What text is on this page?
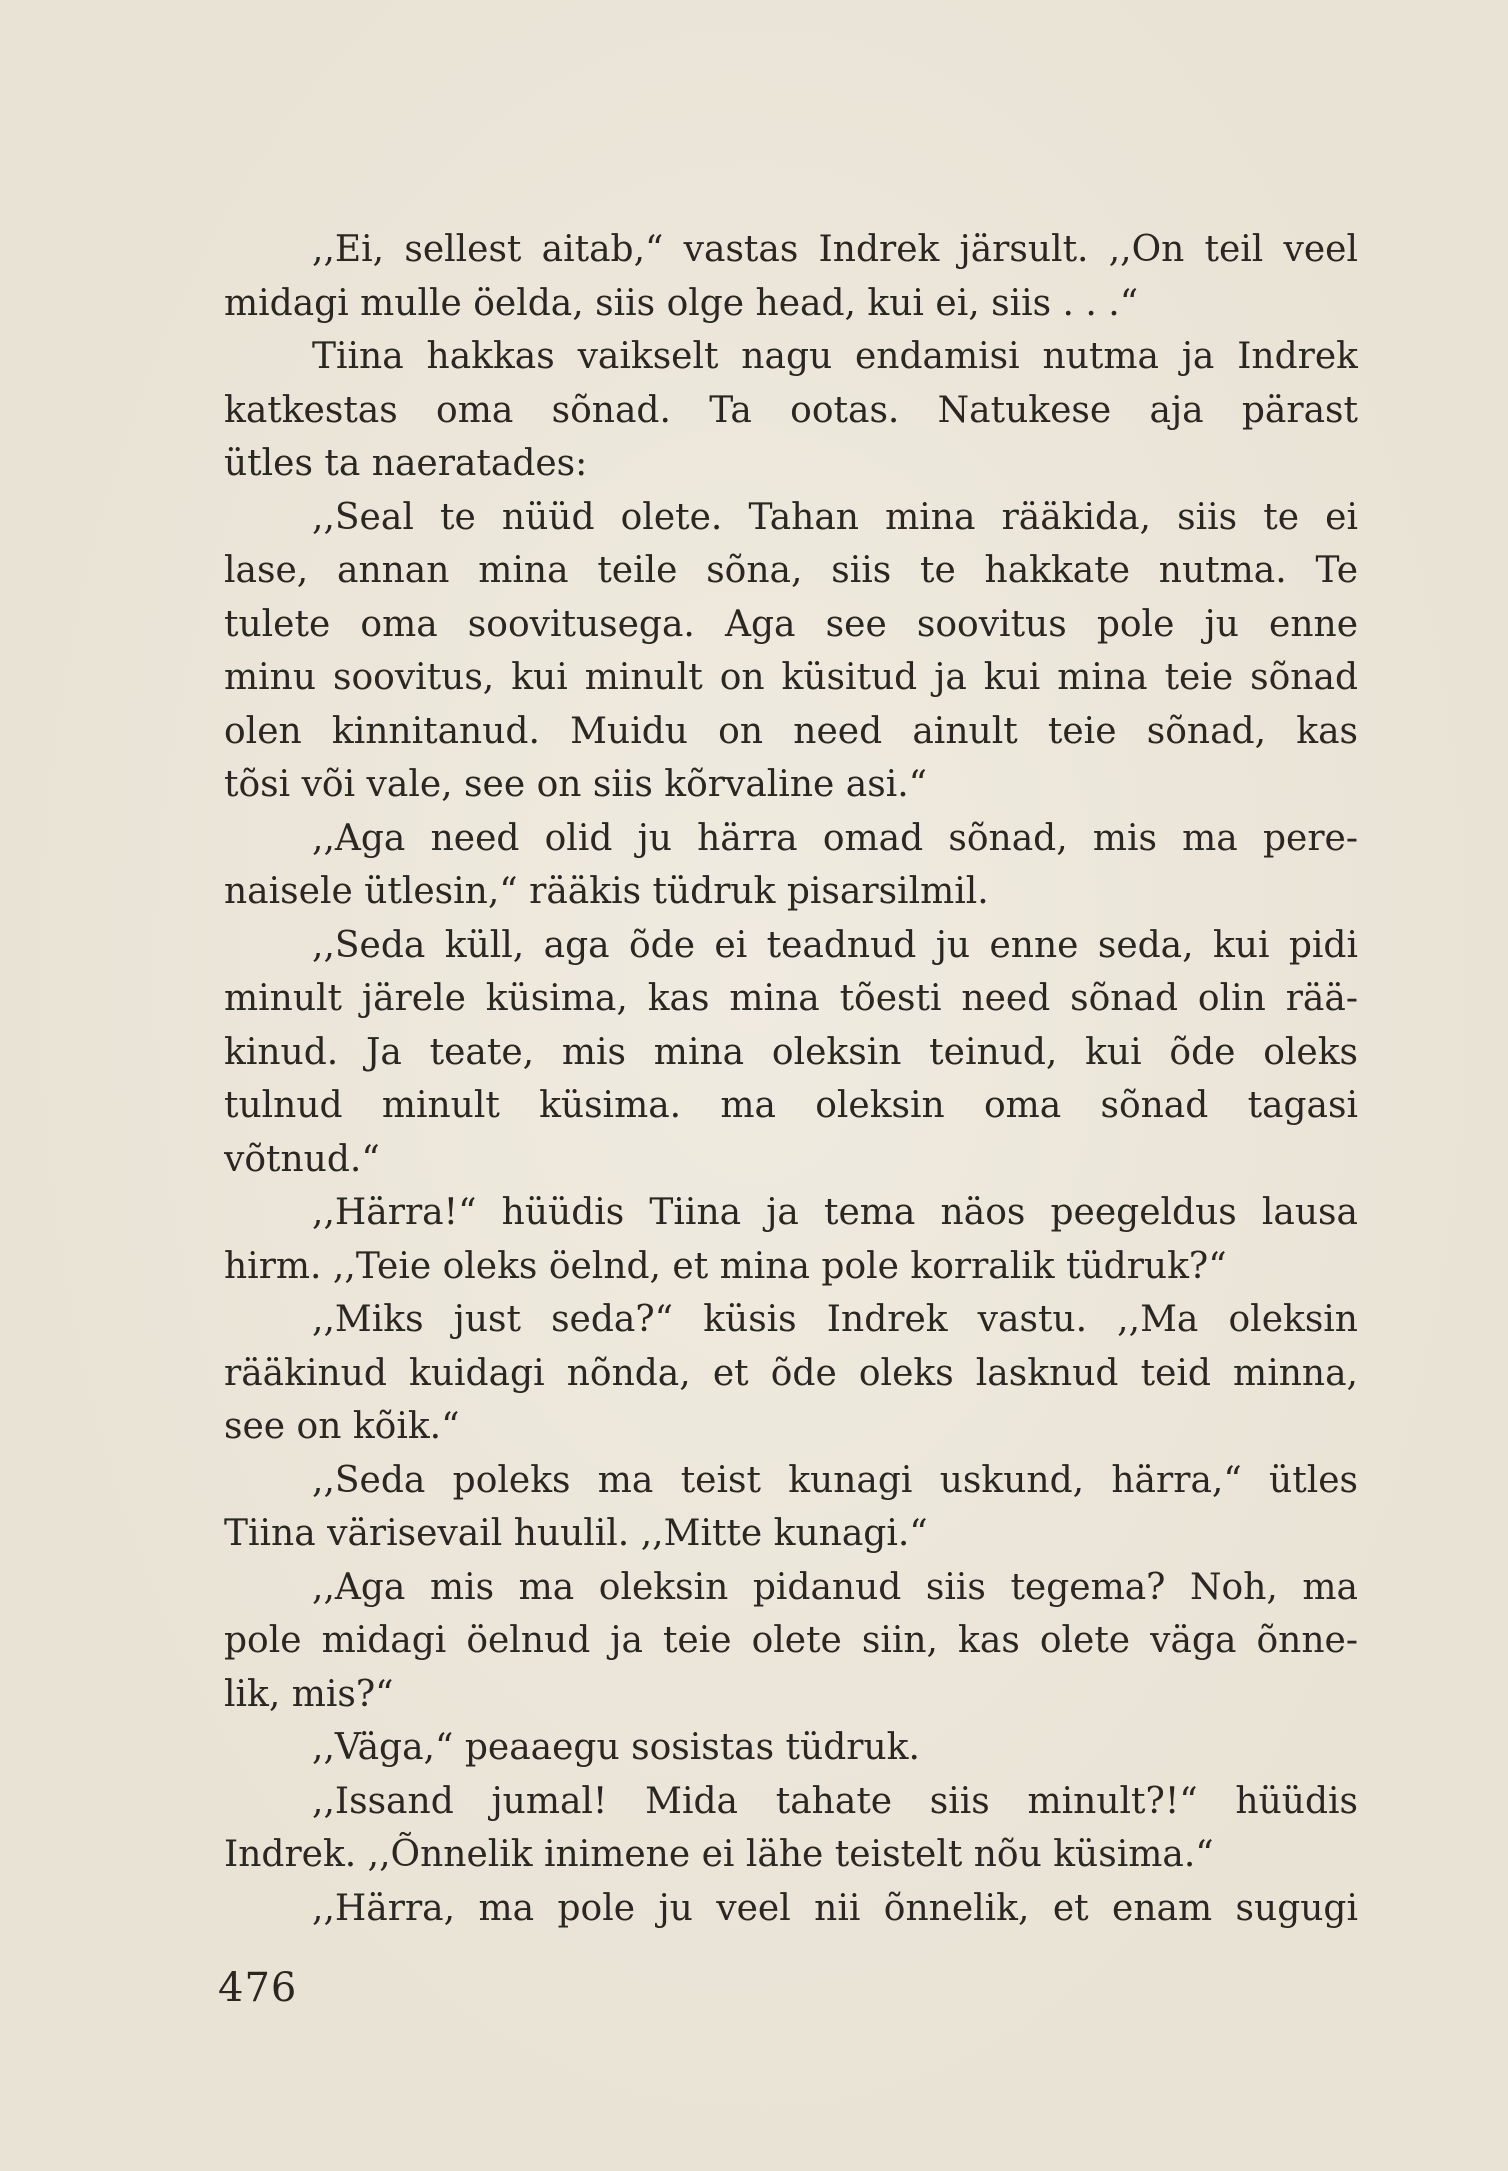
,,Ei, sellest aitab,“ vastas Indrek järsult. ,,On teil veel
midagi mulle öelda, siis olge head, kui ei, siis . . .“
Tiina hakkas vaikselt nagu endamisi nutma ja Indrek
katkestas oma sõnad. Ta ootas. Natukese aja pärast
ütles ta naeratades:
,,Seal te nüüd olete. Tahan mina rääkida, siis te ei
lase, annan mina teile sõna, siis te hakkate nutma. Te
tulete oma soovitusega. Aga see soovitus pole ju enne
minu soovitus, kui minult on küsitud ja kui mina teie sõnad
olen kinnitanud. Muidu on need ainult teie sõnad, kas
tõsi või vale, see on siis kõrvaline asi.“
,,Aga need olid ju härra omad sõnad, mis ma pere-
naisele ütlesin,“ rääkis tüdruk pisarsilmil.
,,Seda küll, aga õde ei teadnud ju enne seda, kui pidi
minult järele küsima, kas mina tõesti need sõnad olin rää-
kinud. Ja teate, mis mina oleksin teinud, kui õde oleks
tulnud minult küsima. ma oleksin oma sõnad tagasi
võtnud.“
,,Härra!“ hüüdis Tiina ja tema näos peegeldus lausa
hirm. ,,Teie oleks öelnd, et mina pole korralik tüdruk?“
,,Miks just seda?“ küsis Indrek vastu. ,,Ma oleksin
rääkinud kuidagi nõnda, et õde oleks lasknud teid minna,
see on kõik.“
,,Seda poleks ma teist kunagi uskund, härra,“ ütles
Tiina värisevail huulil. ,,Mitte kunagi.“
,,Aga mis ma oleksin pidanud siis tegema? Noh, ma
pole midagi öelnud ja teie olete siin, kas olete väga õnne-
lik, mis?“
,,Väga,“ peaaegu sosistas tüdruk.
,,Issand jumal! Mida tahate siis minult?!“ hüüdis
Indrek. ,,Õnnelik inimene ei lähe teistelt nõu küsima.“
,,Härra, ma pole ju veel nii õnnelik, et enam sugugi
476
